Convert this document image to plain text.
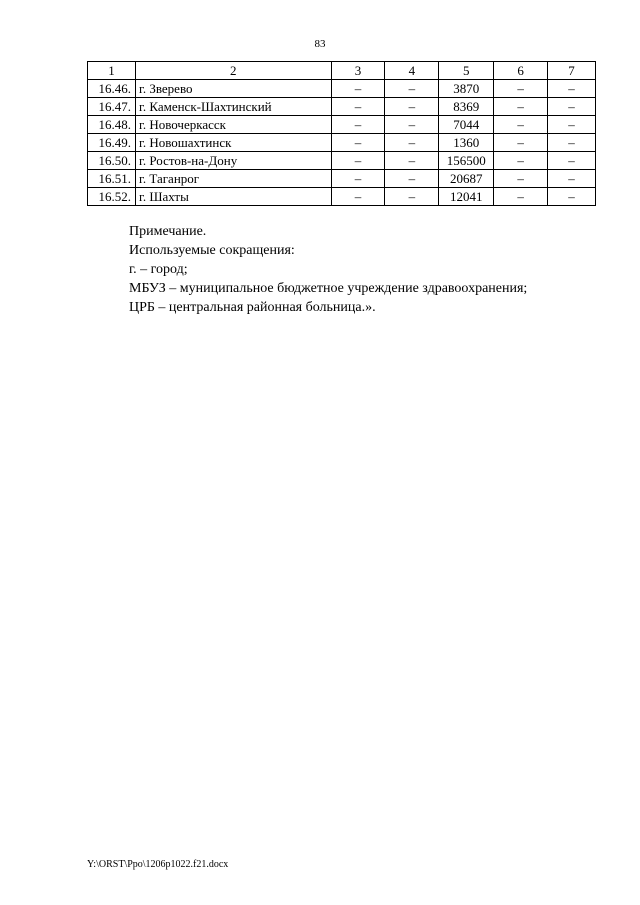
83
1	2	3	4	5	6	7
16.46.	г. Зверево	–	–	3870	–	–
16.47.	г. Каменск-Шахтинский	–	–	8369	–	–
16.48.	г. Новочеркасск	–	–	7044	–	–
16.49.	г. Новошахтинск	–	–	1360	–	–
16.50.	г. Ростов-на-Дону	–	–	156500	–	–
16.51.	г. Таганрог	–	–	20687	–	–
16.52.	г. Шахты	–	–	12041	–	–
Примечание.
Используемые сокращения:
г. – город;
МБУЗ – муниципальное бюджетное учреждение здравоохранения;
ЦРБ – центральная районная больница.».
Y:\ORST\Ppo\1206p1022.f21.docx
